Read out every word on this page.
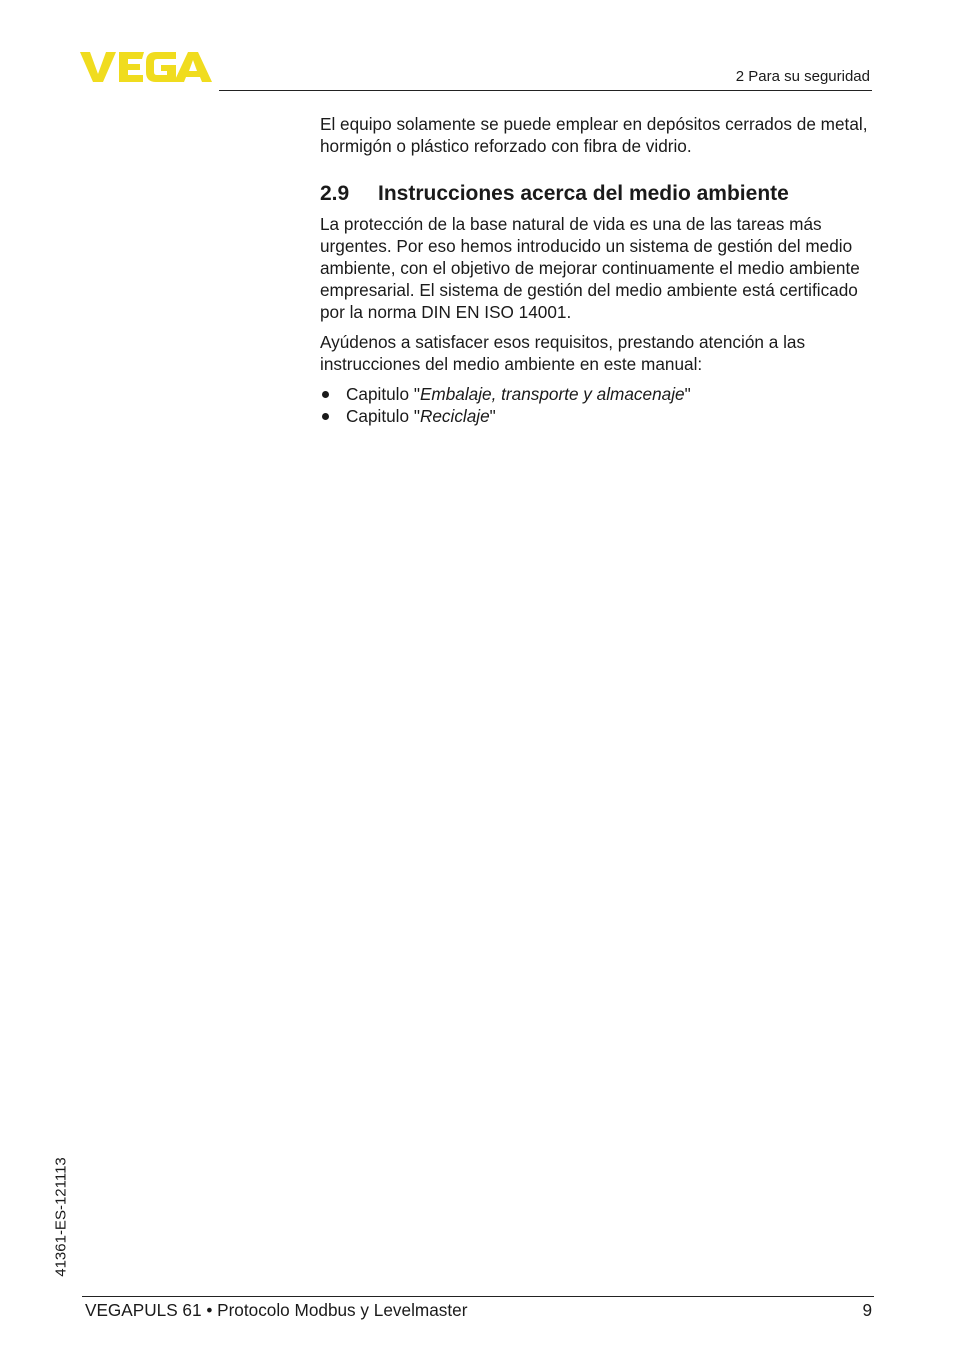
2 Para su seguridad

El equipo solamente se puede emplear en depósitos cerrados de metal, hormigón o plástico reforzado con fibra de vidrio.

2.9	Instrucciones acerca del medio ambiente

La protección de la base natural de vida es una de las tareas más urgentes. Por eso hemos introducido un sistema de gestión del medio ambiente, con el objetivo de mejorar continuamente el medio ambiente empresarial. El sistema de gestión del medio ambiente está certificado por la norma DIN EN ISO 14001.

Ayúdenos a satisfacer esos requisitos, prestando atención a las instrucciones del medio ambiente en este manual:

Capitulo "Embalaje, transporte y almacenaje"
Capitulo "Reciclaje"
41361-ES-121113
VEGAPULS 61 • Protocolo Modbus y Levelmaster	9
